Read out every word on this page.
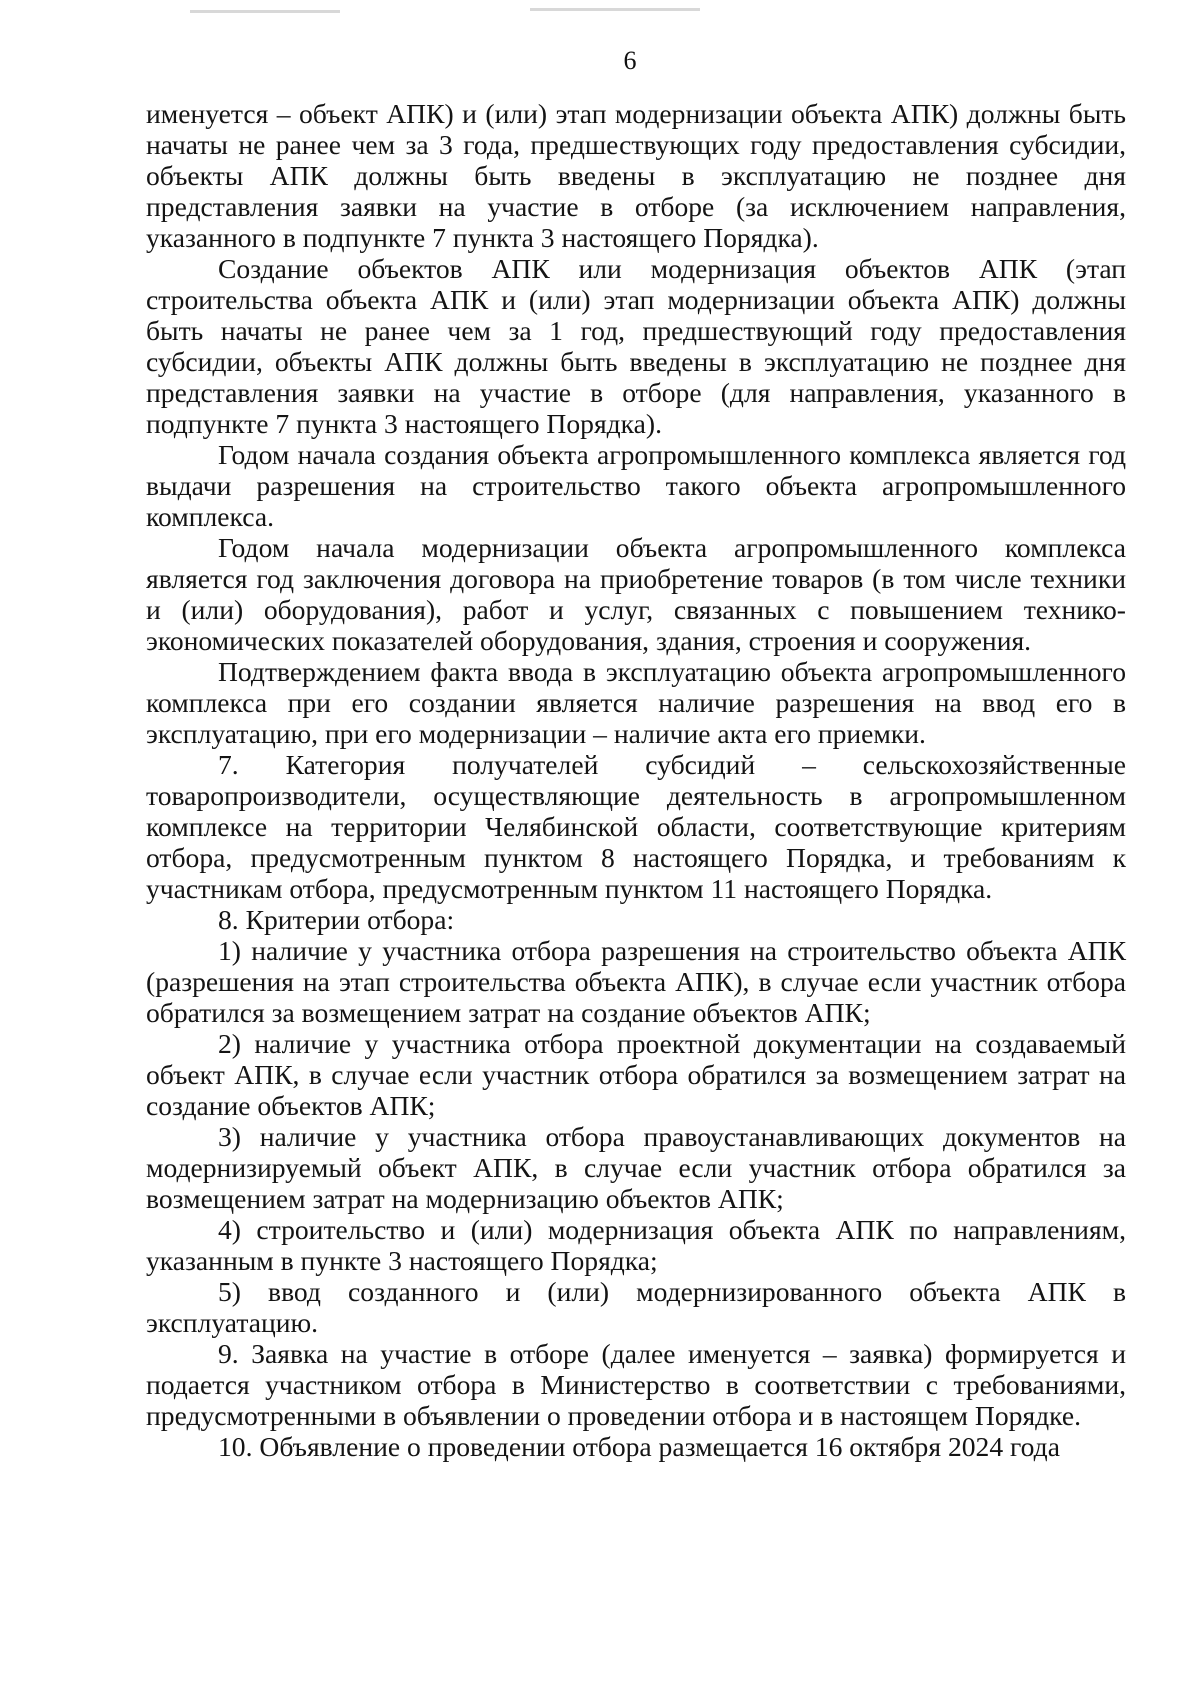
6

именуется – объект АПК) и (или) этап модернизации объекта АПК) должны быть начаты не ранее чем за 3 года, предшествующих году предоставления субсидии, объекты АПК должны быть введены в эксплуатацию не позднее дня представления заявки на участие в отборе (за исключением направления, указанного в подпункте 7 пункта 3 настоящего Порядка).

Создание объектов АПК или модернизация объектов АПК (этап строительства объекта АПК и (или) этап модернизации объекта АПК) должны быть начаты не ранее чем за 1 год, предшествующий году предоставления субсидии, объекты АПК должны быть введены в эксплуатацию не позднее дня представления заявки на участие в отборе (для направления, указанного в подпункте 7 пункта 3 настоящего Порядка).

Годом начала создания объекта агропромышленного комплекса является год выдачи разрешения на строительство такого объекта агропромышленного комплекса.

Годом начала модернизации объекта агропромышленного комплекса является год заключения договора на приобретение товаров (в том числе техники и (или) оборудования), работ и услуг, связанных с повышением технико-экономических показателей оборудования, здания, строения и сооружения.

Подтверждением факта ввода в эксплуатацию объекта агропромышленного комплекса при его создании является наличие разрешения на ввод его в эксплуатацию, при его модернизации – наличие акта его приемки.

7. Категория получателей субсидий – сельскохозяйственные товаропроизводители, осуществляющие деятельность в агропромышленном комплексе на территории Челябинской области, соответствующие критериям отбора, предусмотренным пунктом 8 настоящего Порядка, и требованиям к участникам отбора, предусмотренным пунктом 11 настоящего Порядка.

8. Критерии отбора:

1) наличие у участника отбора разрешения на строительство объекта АПК (разрешения на этап строительства объекта АПК), в случае если участник отбора обратился за возмещением затрат на создание объектов АПК;

2) наличие у участника отбора проектной документации на создаваемый объект АПК, в случае если участник отбора обратился за возмещением затрат на создание объектов АПК;

3) наличие у участника отбора правоустанавливающих документов на модернизируемый объект АПК, в случае если участник отбора обратился за возмещением затрат на модернизацию объектов АПК;

4) строительство и (или) модернизация объекта АПК по направлениям, указанным в пункте 3 настоящего Порядка;

5) ввод созданного и (или) модернизированного объекта АПК в эксплуатацию.

9. Заявка на участие в отборе (далее именуется – заявка) формируется и подается участником отбора в Министерство в соответствии с требованиями, предусмотренными в объявлении о проведении отбора и в настоящем Порядке.

10. Объявление о проведении отбора размещается 16 октября 2024 года
